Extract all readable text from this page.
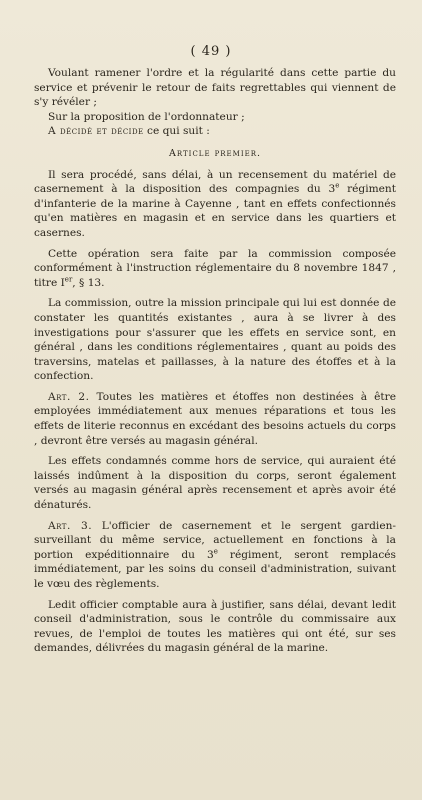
( 49 )

Voulant ramener l'ordre et la régularité dans cette partie du service et prévenir le retour de faits regrettables qui viennent de s'y révéler ;

Sur la proposition de l'ordonnateur ;

A décidé et décide ce qui suit :

Article premier.

Il sera procédé, sans délai, à un recensement du matériel de casernement à la disposition des compagnies du 3e régiment d'infanterie de la marine à Cayenne , tant en effets confectionnés qu'en matières en magasin et en service dans les quartiers et casernes.

Cette opération sera faite par la commission composée conformément à l'instruction réglementaire du 8 novembre 1847 , titre Ier, § 13.

La commission, outre la mission principale qui lui est donnée de constater les quantités existantes , aura à se livrer à des investigations pour s'assurer que les effets en service sont, en général , dans les conditions réglementaires , quant au poids des traversins, matelas et paillasses, à la nature des étoffes et à la confection.

Art. 2. Toutes les matières et étoffes non destinées à être employées immédiatement aux menues réparations et tous les effets de literie reconnus en excédant des besoins actuels du corps , devront être versés au magasin général.

Les effets condamnés comme hors de service, qui auraient été laissés indûment à la disposition du corps, seront également versés au magasin général après recensement et après avoir été dénaturés.

Art. 3. L'officier de casernement et le sergent gardien-surveillant du même service, actuellement en fonctions à la portion expéditionnaire du 3e régiment, seront remplacés immédiatement, par les soins du conseil d'administration, suivant le vœu des règlements.

Ledit officier comptable aura à justifier, sans délai, devant ledit conseil d'administration, sous le contrôle du commissaire aux revues, de l'emploi de toutes les matières qui ont été, sur ses demandes, délivrées du magasin général de la marine.
